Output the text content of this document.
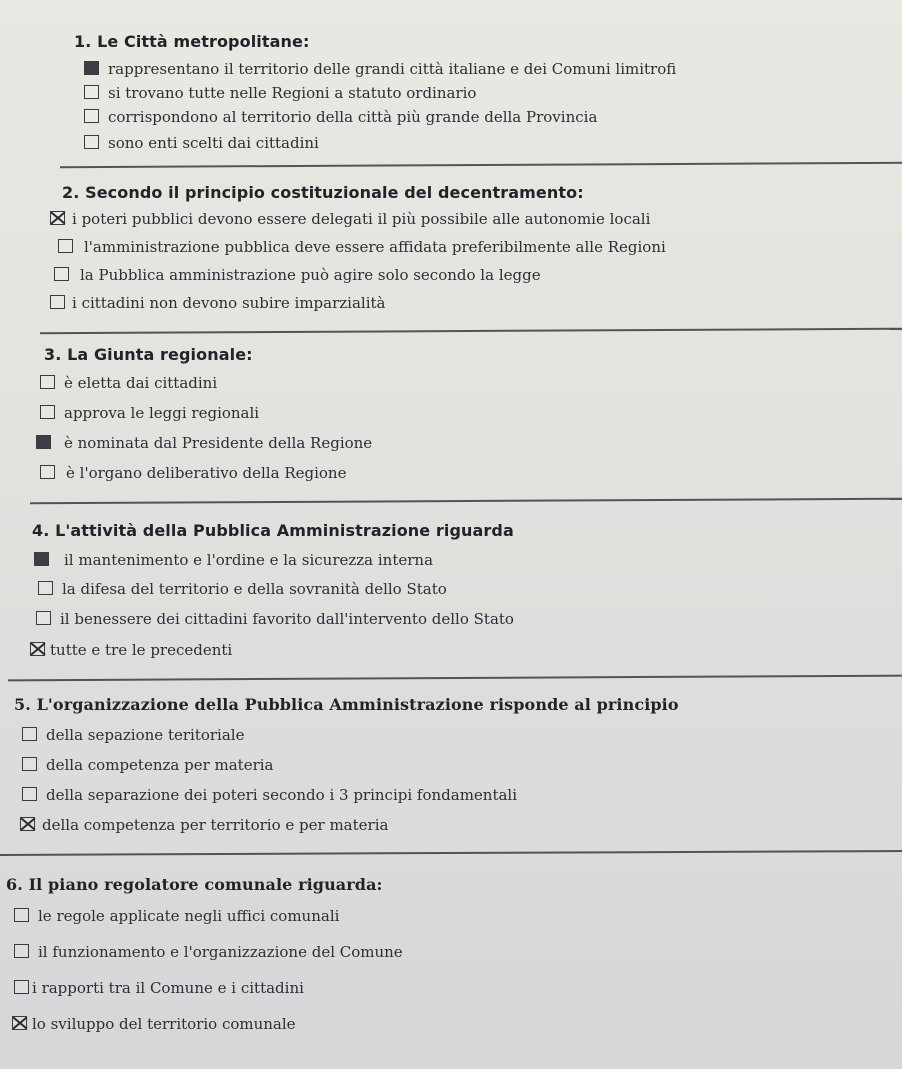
1. Le Città metropolitane:
rappresentano il territorio delle grandi città italiane e dei Comuni limitrofi
si trovano tutte nelle Regioni a statuto ordinario
corrispondono al territorio della città più grande della Provincia
sono enti scelti dai cittadini
2. Secondo il principio costituzionale del decentramento:
i poteri pubblici devono essere delegati il più possibile alle autonomie locali
l'amministrazione pubblica deve essere affidata preferibilmente alle Regioni
la Pubblica amministrazione può agire solo secondo la legge
i cittadini non devono subire imparzialità
3. La Giunta regionale:
è eletta dai cittadini
approva le leggi regionali
è nominata dal Presidente della Regione
è l'organo deliberativo della Regione
4. L'attività della Pubblica Amministrazione riguarda
il mantenimento e l'ordine e la sicurezza interna
la difesa del territorio e della sovranità dello Stato
il benessere dei cittadini favorito dall'intervento dello Stato
tutte e tre le precedenti
5. L'organizzazione della Pubblica Amministrazione risponde al principio
della sepazione teritoriale
della competenza per materia
della separazione dei poteri secondo i 3 principi fondamentali
della competenza per territorio e per materia
6. Il piano regolatore comunale riguarda:
le regole applicate negli uffici comunali
il funzionamento e l'organizzazione del Comune
i rapporti tra il Comune e i cittadini
lo sviluppo del territorio comunale
